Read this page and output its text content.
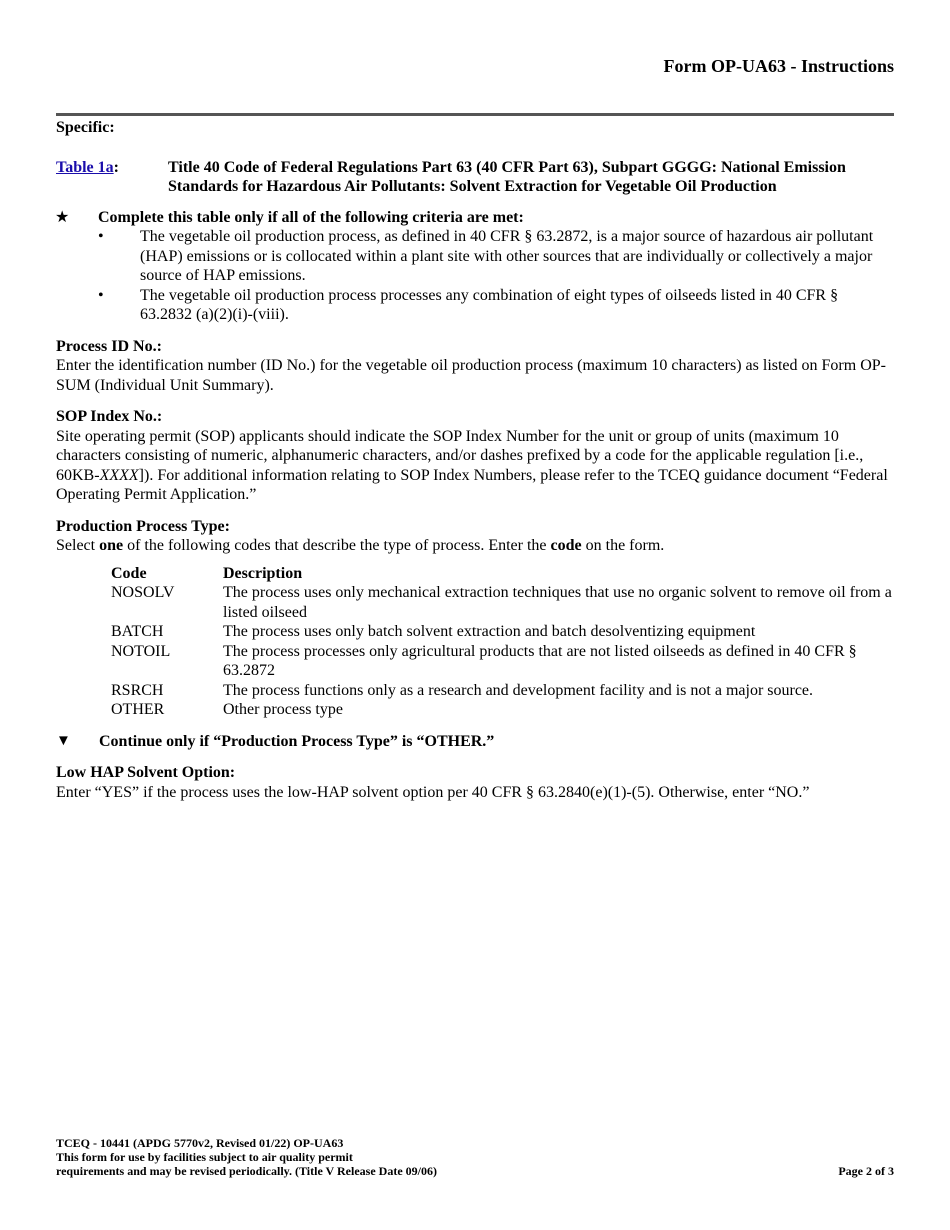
Form OP-UA63 - Instructions
Specific:
Table 1a:	Title 40 Code of Federal Regulations Part 63 (40 CFR Part 63), Subpart GGGG: National Emission Standards for Hazardous Air Pollutants: Solvent Extraction for Vegetable Oil Production
★	Complete this table only if all of the following criteria are met:
•	The vegetable oil production process, as defined in 40 CFR § 63.2872, is a major source of hazardous air pollutant (HAP) emissions or is collocated within a plant site with other sources that are individually or collectively a major source of HAP emissions.
•	The vegetable oil production process processes any combination of eight types of oilseeds listed in 40 CFR § 63.2832 (a)(2)(i)-(viii).
Process ID No.:
Enter the identification number (ID No.) for the vegetable oil production process (maximum 10 characters) as listed on Form OP-SUM (Individual Unit Summary).
SOP Index No.:
Site operating permit (SOP) applicants should indicate the SOP Index Number for the unit or group of units (maximum 10 characters consisting of numeric, alphanumeric characters, and/or dashes prefixed by a code for the applicable regulation [i.e., 60KB-XXXX]). For additional information relating to SOP Index Numbers, please refer to the TCEQ guidance document “Federal Operating Permit Application.”
Production Process Type:
Select one of the following codes that describe the type of process. Enter the code on the form.
Code	Description
NOSOLV	The process uses only mechanical extraction techniques that use no organic solvent to remove oil from a listed oilseed
BATCH	The process uses only batch solvent extraction and batch desolventizing equipment
NOTOIL	The process processes only agricultural products that are not listed oilseeds as defined in 40 CFR § 63.2872
RSRCH	The process functions only as a research and development facility and is not a major source.
OTHER	Other process type
▼	Continue only if “Production Process Type” is “OTHER.”
Low HAP Solvent Option:
Enter “YES” if the process uses the low-HAP solvent option per 40 CFR § 63.2840(e)(1)-(5). Otherwise, enter “NO.”
TCEQ - 10441 (APDG 5770v2, Revised 01/22) OP-UA63
This form for use by facilities subject to air quality permit
requirements and may be revised periodically. (Title V Release Date 09/06)	Page 2 of 3
